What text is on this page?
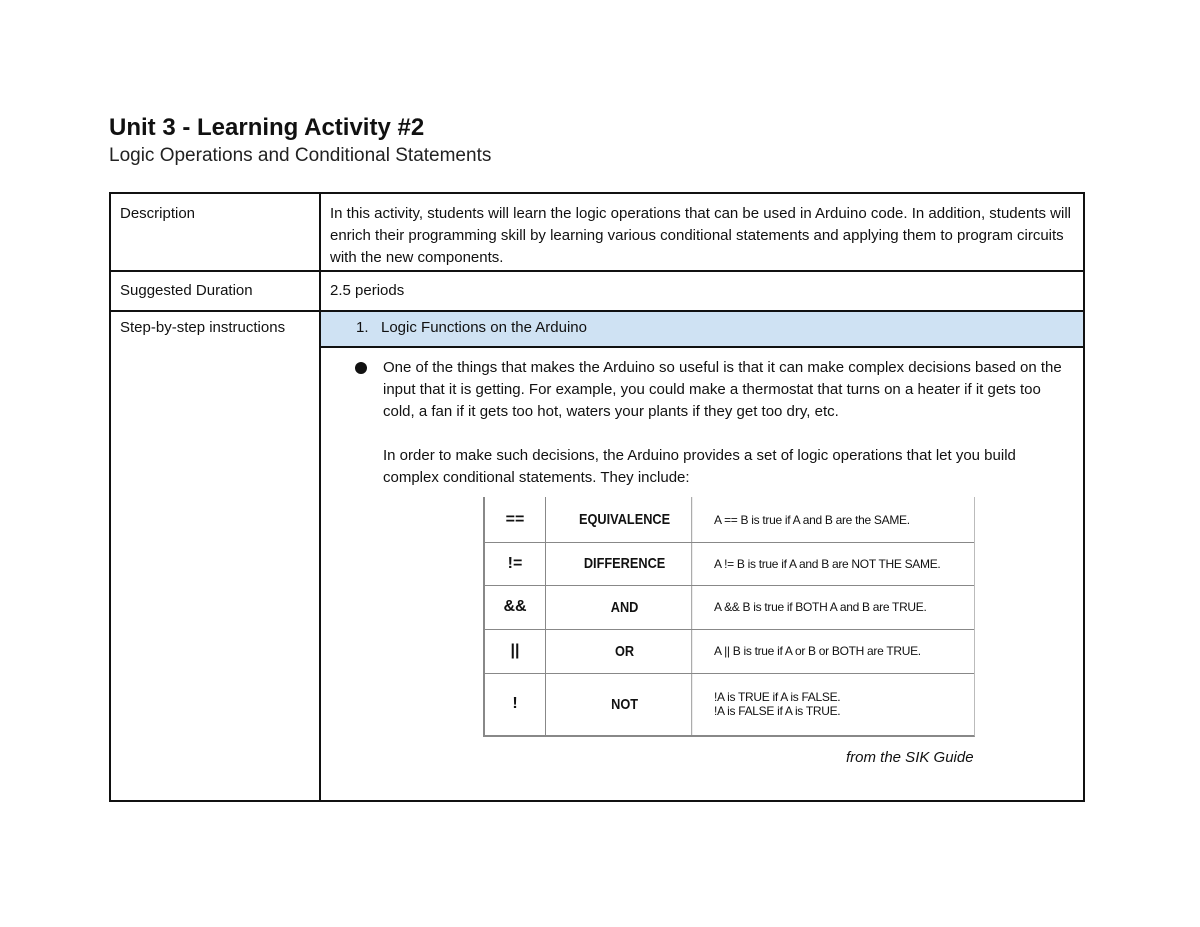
Unit 3 - Learning Activity #2
Logic Operations and Conditional Statements
Description	In this activity, students will learn the logic operations that can be used in Arduino code. In addition, students will enrich their programming skill by learning various conditional statements and applying them to program circuits with the new components.
Suggested Duration	2.5 periods
Step-by-step instructions	1. Logic Functions on the Arduino
One of the things that makes the Arduino so useful is that it can make complex decisions based on the input that it is getting. For example, you could make a thermostat that turns on a heater if it gets too cold, a fan if it gets too hot, waters your plants if they get too dry, etc.
In order to make such decisions, the Arduino provides a set of logic operations that let you build complex conditional statements. They include:
==	EQUIVALENCE	A == B is true if A and B are the SAME.
!=	DIFFERENCE	A != B is true if A and B are NOT THE SAME.
&&	AND	A && B is true if BOTH A and B are TRUE.
||	OR	A || B is true if A or B or BOTH are TRUE.
!	NOT	!A is TRUE if A is FALSE.
!A is FALSE if A is TRUE.
from the SIK Guide
